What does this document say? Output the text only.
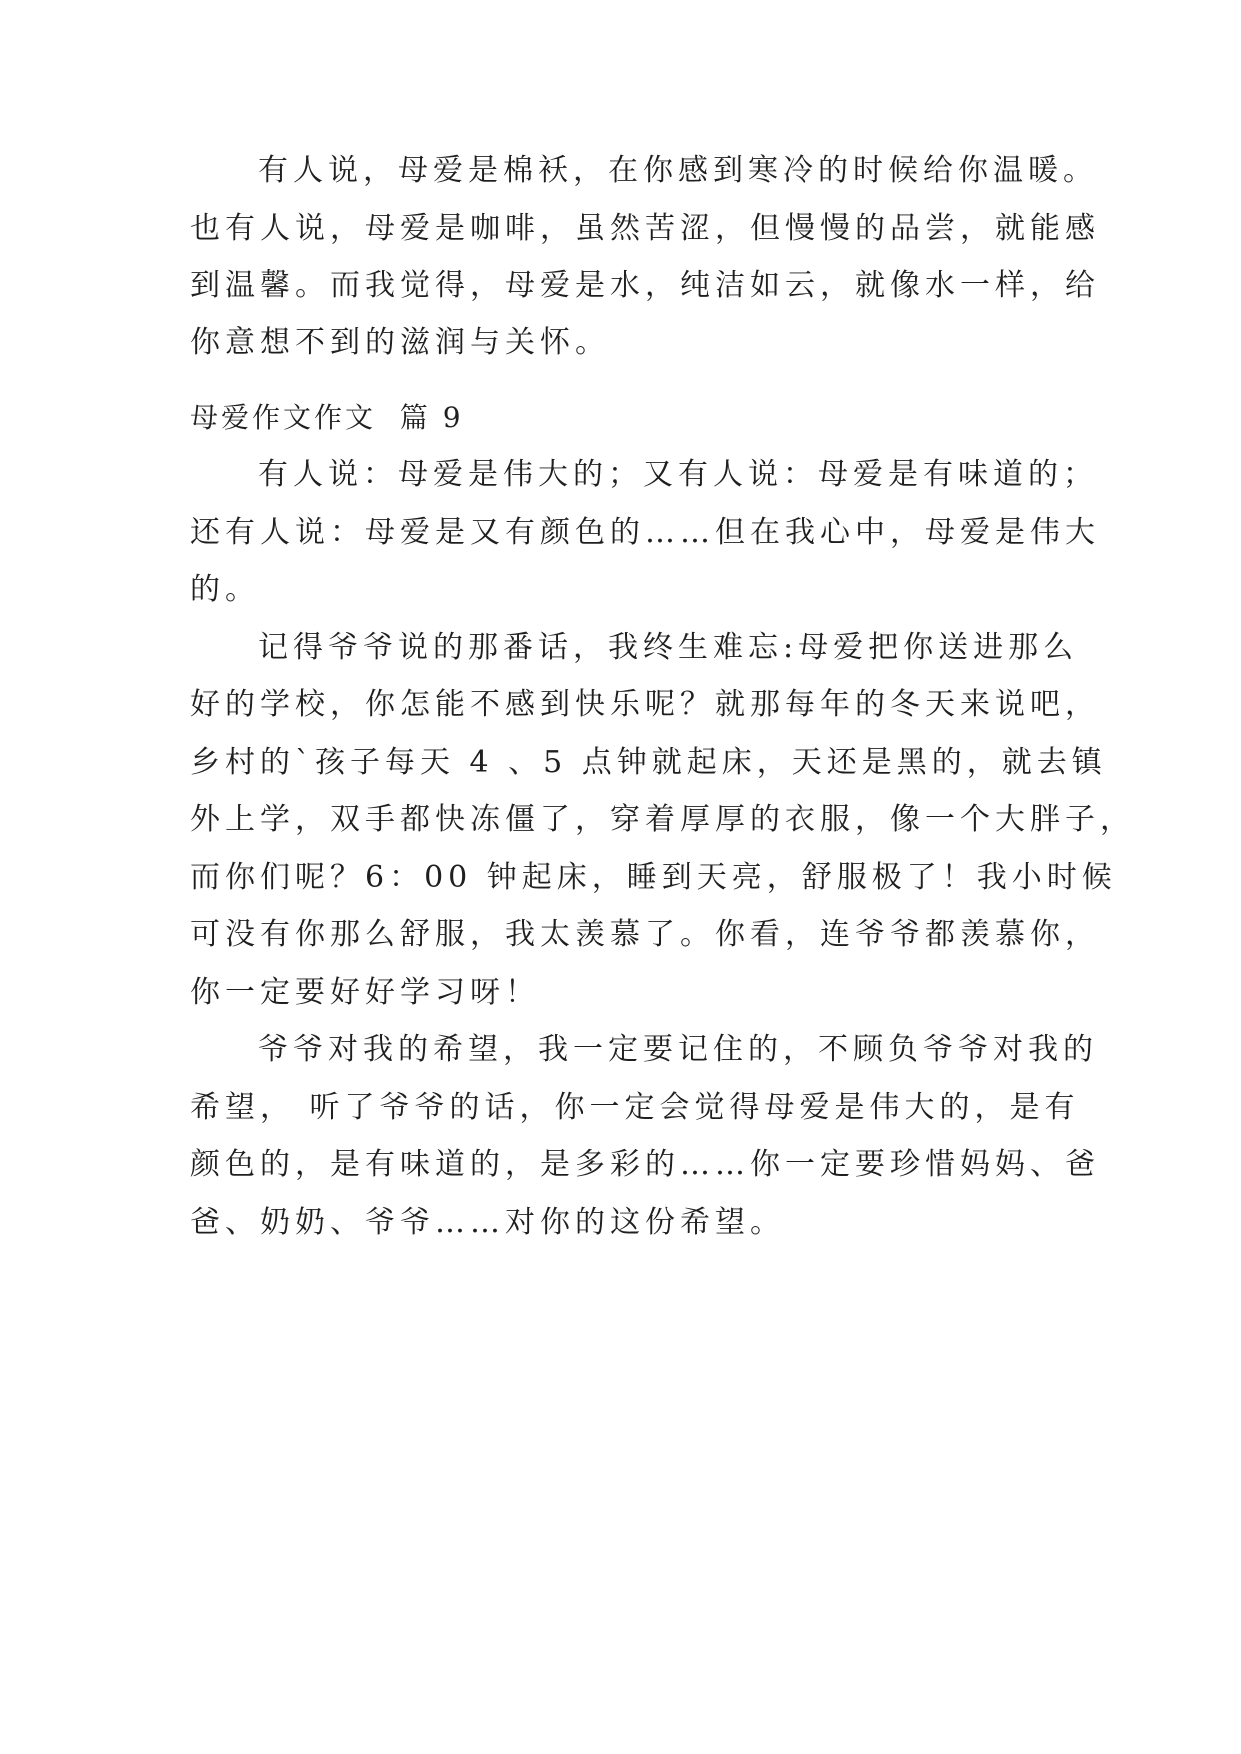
有人说，母爱是棉袄，在你感到寒冷的时候给你温暖。
也有人说，母爱是咖啡，虽然苦涩，但慢慢的品尝，就能感
到温馨。而我觉得，母爱是水，纯洁如云，就像水一样，给
你意想不到的滋润与关怀。
母爱作文作文  篇 9
有人说：母爱是伟大的；又有人说：母爱是有味道的；
还有人说：母爱是又有颜色的……但在我心中，母爱是伟大
的。
记得爷爷说的那番话，我终生难忘:母爱把你送进那么
好的学校，你怎能不感到快乐呢？就那每年的冬天来说吧，
乡村的`孩子每天 4 、5 点钟就起床，天还是黑的，就去镇
外上学，双手都快冻僵了，穿着厚厚的衣服，像一个大胖子，
而你们呢？6：00 钟起床，睡到天亮，舒服极了！我小时候
可没有你那么舒服，我太羡慕了。你看，连爷爷都羡慕你，
你一定要好好学习呀！
爷爷对我的希望，我一定要记住的，不顾负爷爷对我的
希望， 听了爷爷的话，你一定会觉得母爱是伟大的，是有
颜色的，是有味道的，是多彩的……你一定要珍惜妈妈、爸
爸、奶奶、爷爷……对你的这份希望。
